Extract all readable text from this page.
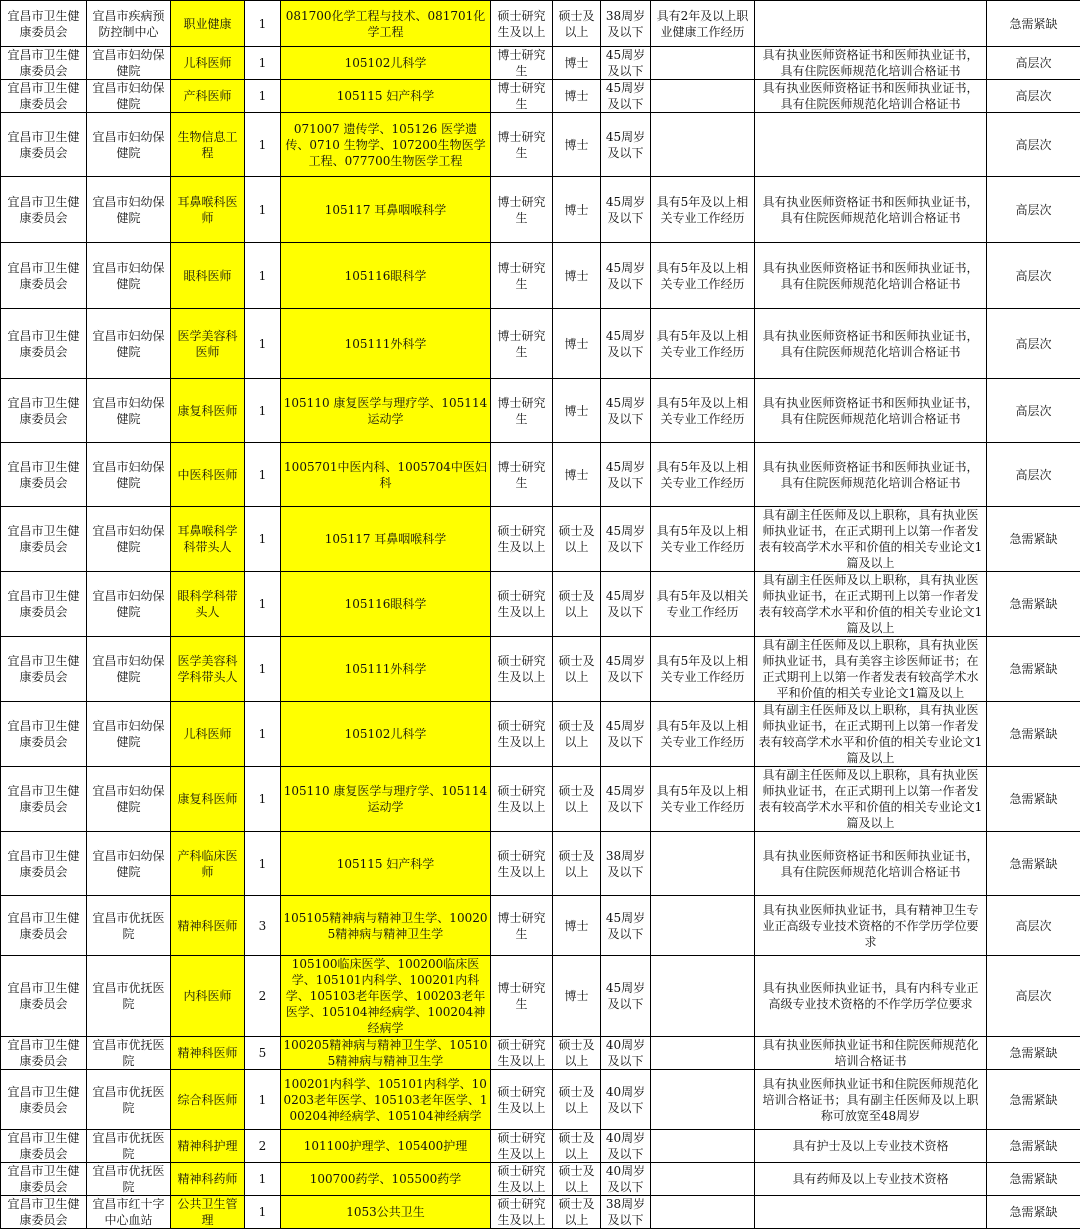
宜昌市卫生健康委员会	宜昌市疾病预防控制中心	职业健康	1	081700化学工程与技术、081701化学工程	硕士研究生及以上	硕士及以上	38周岁及以下	具有2年及以上职业健康工作经历		急需紧缺
宜昌市卫生健康委员会	宜昌市妇幼保健院	儿科医师	1	105102儿科学	博士研究生	博士	45周岁及以下		具有执业医师资格证书和医师执业证书，具有住院医师规范化培训合格证书	高层次
宜昌市卫生健康委员会	宜昌市妇幼保健院	产科医师	1	105115 妇产科学	博士研究生	博士	45周岁及以下		具有执业医师资格证书和医师执业证书，具有住院医师规范化培训合格证书	高层次
宜昌市卫生健康委员会	宜昌市妇幼保健院	生物信息工程	1	071007 遗传学、105126 医学遗传、0710 生物学、107200生物医学工程、077700生物医学工程	博士研究生	博士	45周岁及以下			高层次
宜昌市卫生健康委员会	宜昌市妇幼保健院	耳鼻喉科医师	1	105117 耳鼻咽喉科学	博士研究生	博士	45周岁及以下	具有5年及以上相关专业工作经历	具有执业医师资格证书和医师执业证书，具有住院医师规范化培训合格证书	高层次
宜昌市卫生健康委员会	宜昌市妇幼保健院	眼科医师	1	105116眼科学	博士研究生	博士	45周岁及以下	具有5年及以上相关专业工作经历	具有执业医师资格证书和医师执业证书，具有住院医师规范化培训合格证书	高层次
宜昌市卫生健康委员会	宜昌市妇幼保健院	医学美容科医师	1	105111外科学	博士研究生	博士	45周岁及以下	具有5年及以上相关专业工作经历	具有执业医师资格证书和医师执业证书，具有住院医师规范化培训合格证书	高层次
宜昌市卫生健康委员会	宜昌市妇幼保健院	康复科医师	1	105110 康复医学与理疗学、105114 运动学	博士研究生	博士	45周岁及以下	具有5年及以上相关专业工作经历	具有执业医师资格证书和医师执业证书，具有住院医师规范化培训合格证书	高层次
宜昌市卫生健康委员会	宜昌市妇幼保健院	中医科医师	1	1005701中医内科、1005704中医妇科	博士研究生	博士	45周岁及以下	具有5年及以上相关专业工作经历	具有执业医师资格证书和医师执业证书，具有住院医师规范化培训合格证书	高层次
宜昌市卫生健康委员会	宜昌市妇幼保健院	耳鼻喉科学科带头人	1	105117 耳鼻咽喉科学	硕士研究生及以上	硕士及以上	45周岁及以下	具有5年及以上相关专业工作经历	具有副主任医师及以上职称，具有执业医师执业证书，在正式期刊上以第一作者发表有较高学术水平和价值的相关专业论文1篇及以上	急需紧缺
宜昌市卫生健康委员会	宜昌市妇幼保健院	眼科学科带头人	1	105116眼科学	硕士研究生及以上	硕士及以上	45周岁及以下	具有5年及以相关专业工作经历	具有副主任医师及以上职称，具有执业医师执业证书，在正式期刊上以第一作者发表有较高学术水平和价值的相关专业论文1篇及以上	急需紧缺
宜昌市卫生健康委员会	宜昌市妇幼保健院	医学美容科学科带头人	1	105111外科学	硕士研究生及以上	硕士及以上	45周岁及以下	具有5年及以上相关专业工作经历	具有副主任医师及以上职称，具有执业医师执业证书，具有美容主诊医师证书；在正式期刊上以第一作者发表有较高学术水平和价值的相关专业论文1篇及以上	急需紧缺
宜昌市卫生健康委员会	宜昌市妇幼保健院	儿科医师	1	105102儿科学	硕士研究生及以上	硕士及以上	45周岁及以下	具有5年及以上相关专业工作经历	具有副主任医师及以上职称，具有执业医师执业证书，在正式期刊上以第一作者发表有较高学术水平和价值的相关专业论文1篇及以上	急需紧缺
宜昌市卫生健康委员会	宜昌市妇幼保健院	康复科医师	1	105110 康复医学与理疗学、105114 运动学	硕士研究生及以上	硕士及以上	45周岁及以下	具有5年及以上相关专业工作经历	具有副主任医师及以上职称，具有执业医师执业证书，在正式期刊上以第一作者发表有较高学术水平和价值的相关专业论文1篇及以上	急需紧缺
宜昌市卫生健康委员会	宜昌市妇幼保健院	产科临床医师	1	105115 妇产科学	硕士研究生及以上	硕士及以上	38周岁及以下		具有执业医师资格证书和医师执业证书，具有住院医师规范化培训合格证书	急需紧缺
宜昌市卫生健康委员会	宜昌市优抚医院	精神科医师	3	105105精神病与精神卫生学、100205精神病与精神卫生学	博士研究生	博士	45周岁及以下		具有执业医师执业证书，具有精神卫生专业正高级专业技术资格的不作学历学位要求	高层次
宜昌市卫生健康委员会	宜昌市优抚医院	内科医师	2	105100临床医学、100200临床医学、105101内科学、100201内科学、105103老年医学、100203老年医学、105104神经病学、100204神经病学	博士研究生	博士	45周岁及以下		具有执业医师执业证书，具有内科专业正高级专业技术资格的不作学历学位要求	高层次
宜昌市卫生健康委员会	宜昌市优抚医院	精神科医师	5	100205精神病与精神卫生学、105105精神病与精神卫生学	硕士研究生及以上	硕士及以上	40周岁及以下		具有执业医师执业证书和住院医师规范化培训合格证书	急需紧缺
宜昌市卫生健康委员会	宜昌市优抚医院	综合科医师	1	100201内科学、105101内科学、100203老年医学、105103老年医学、100204神经病学、105104神经病学	硕士研究生及以上	硕士及以上	40周岁及以下		具有执业医师执业证书和住院医师规范化培训合格证书；具有副主任医师及以上职称可放宽至48周岁	急需紧缺
宜昌市卫生健康委员会	宜昌市优抚医院	精神科护理	2	101100护理学、105400护理	硕士研究生及以上	硕士及以上	40周岁及以下		具有护士及以上专业技术资格	急需紧缺
宜昌市卫生健康委员会	宜昌市优抚医院	精神科药师	1	100700药学、105500药学	硕士研究生及以上	硕士及以上	40周岁及以下		具有药师及以上专业技术资格	急需紧缺
宜昌市卫生健康委员会	宜昌市红十字中心血站	公共卫生管理	1	1053公共卫生	硕士研究生及以上	硕士及以上	38周岁及以下			急需紧缺
